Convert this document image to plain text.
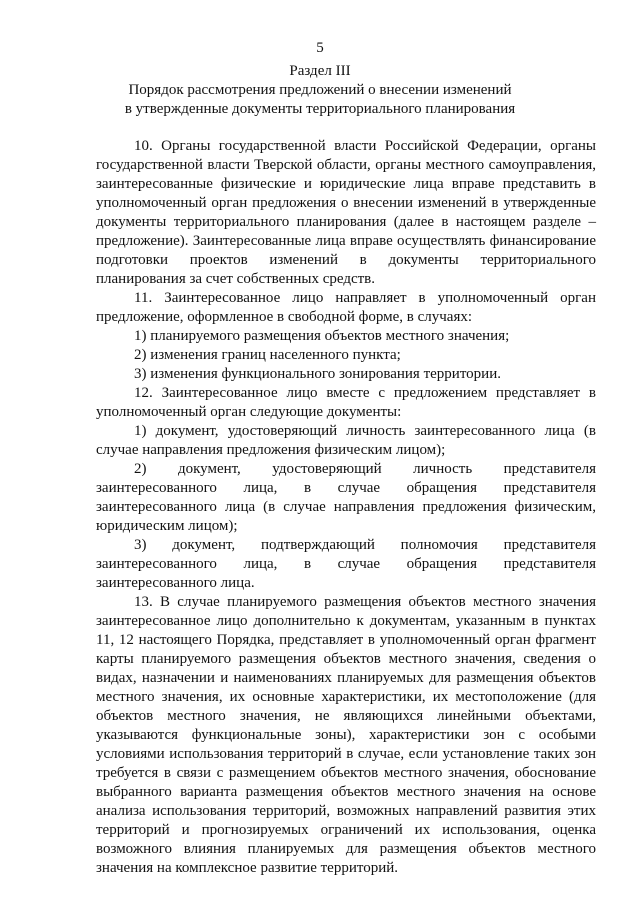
5
Раздел III
Порядок рассмотрения предложений о внесении изменений
в утвержденные документы территориального планирования

10. Органы государственной власти Российской Федерации, органы государственной власти Тверской области, органы местного самоуправления, заинтересованные физические и юридические лица вправе представить в уполномоченный орган предложения о внесении изменений в утвержденные документы территориального планирования (далее в настоящем разделе – предложение). Заинтересованные лица вправе осуществлять финансирование подготовки проектов изменений в документы территориального планирования за счет собственных средств.

11. Заинтересованное лицо направляет в уполномоченный орган предложение, оформленное в свободной форме, в случаях:

1) планируемого размещения объектов местного значения;

2) изменения границ населенного пункта;

3) изменения функционального зонирования территории.

12. Заинтересованное лицо вместе с предложением представляет в уполномоченный орган следующие документы:

1) документ, удостоверяющий личность заинтересованного лица (в случае направления предложения физическим лицом);

2) документ, удостоверяющий личность представителя заинтересованного лица, в случае обращения представителя заинтересованного лица (в случае направления предложения физическим, юридическим лицом);

3) документ, подтверждающий полномочия представителя заинтересованного лица, в случае обращения представителя заинтересованного лица.

13. В случае планируемого размещения объектов местного значения заинтересованное лицо дополнительно к документам, указанным в пунктах 11, 12 настоящего Порядка, представляет в уполномоченный орган фрагмент карты планируемого размещения объектов местного значения, сведения о видах, назначении и наименованиях планируемых для размещения объектов местного значения, их основные характеристики, их местоположение (для объектов местного значения, не являющихся линейными объектами, указываются функциональные зоны), характеристики зон с особыми условиями использования территорий в случае, если установление таких зон требуется в связи с размещением объектов местного значения, обоснование выбранного варианта размещения объектов местного значения на основе анализа использования территорий, возможных направлений развития этих территорий и прогнозируемых ограничений их использования, оценка возможного влияния планируемых для размещения объектов местного значения на комплексное развитие территорий.
